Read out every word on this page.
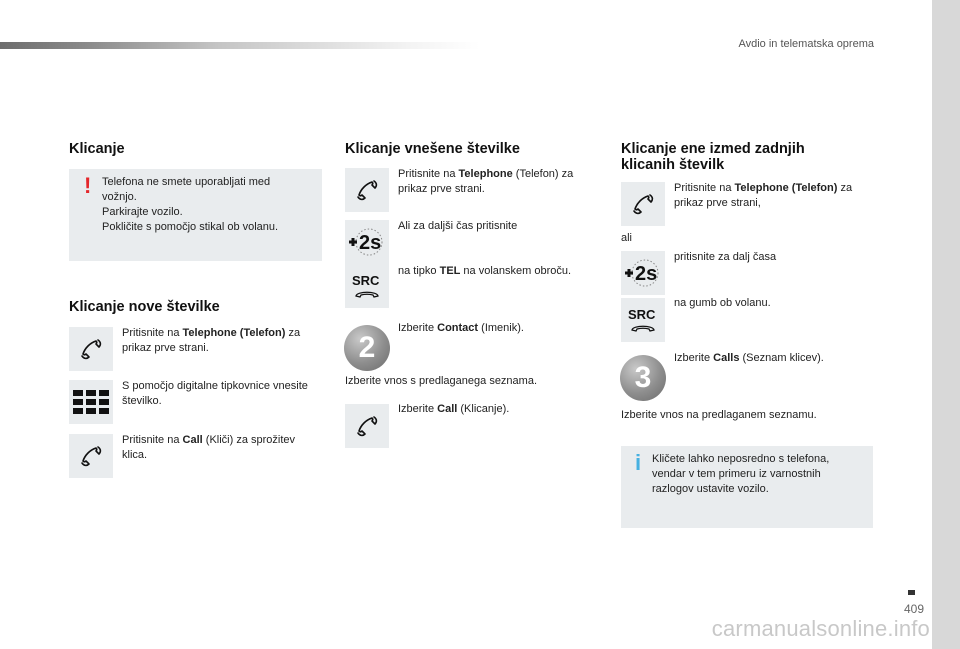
Avdio in telematska oprema
409
carmanualsonline.info
Klicanje
! Telefona ne smete uporabljati med
vožnjo.
Parkirajte vozilo.
Pokličite s pomočjo stikal ob volanu.
Klicanje nove številke
Pritisnite na Telephone (Telefon) za prikaz prve strani.
S pomočjo digitalne tipkovnice vnesite številko.
Pritisnite na Call (Kliči) za sprožitev klica.
Klicanje vnešene številke
Pritisnite na Telephone (Telefon) za prikaz prve strani.
2s
Ali za daljši čas pritisnite
SRC
na tipko TEL na volanskem obroču.
2
Izberite Contact (Imenik).
Izberite vnos s predlaganega seznama.
Izberite Call (Klicanje).
Klicanje ene izmed zadnjih
klicanih številk
Pritisnite na Telephone (Telefon) za prikaz prve strani,
ali
2s
pritisnite za dalj časa
SRC
na gumb ob volanu.
3
Izberite Calls (Seznam klicev).
Izberite vnos na predlaganem seznamu.
i Kličete lahko neposredno s telefona,
vendar v tem primeru iz varnostnih
razlogov ustavite vozilo.
